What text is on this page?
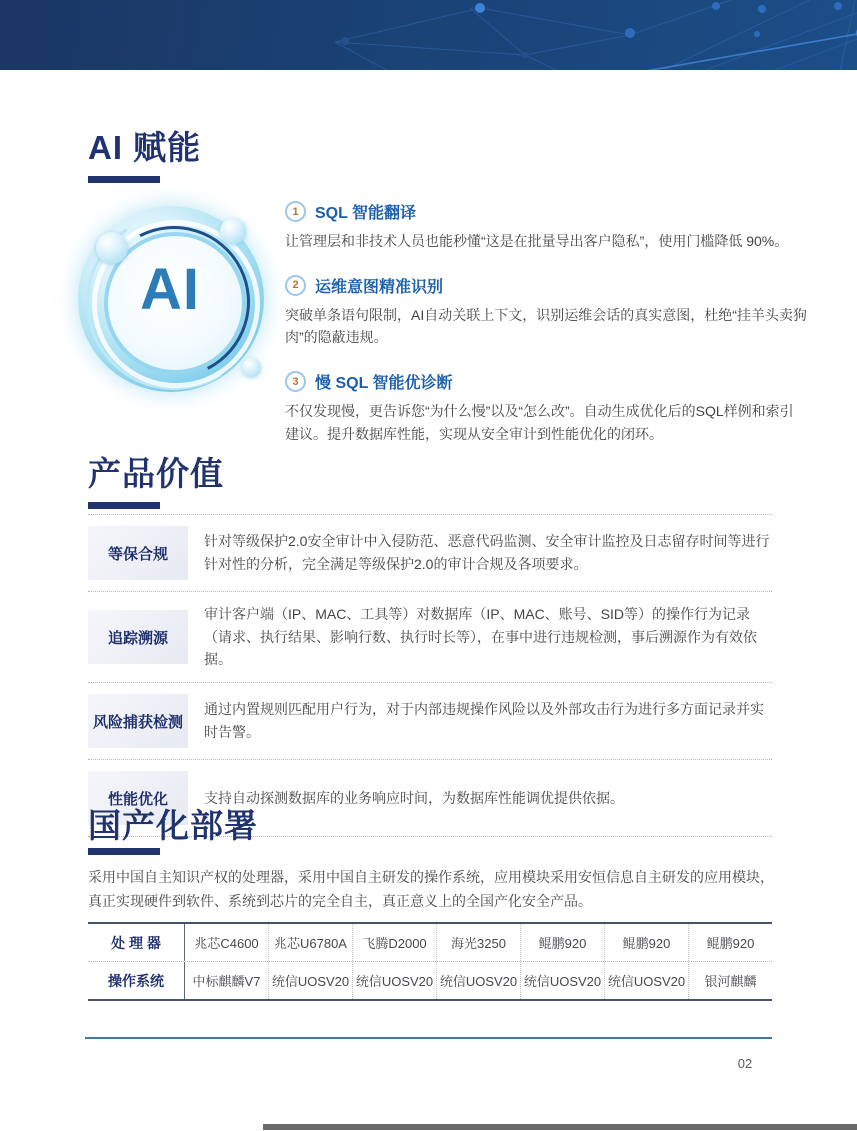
AI 赋能
AI
1	SQL 智能翻译

让管理层和非技术人员也能秒懂“这是在批量导出客户隐私”，使用门槛降低 90%。

2	运维意图精准识别

突破单条语句限制，AI自动关联上下文，识别运维会话的真实意图，杜绝“挂羊头卖狗肉”的隐蔽违规。

3	慢 SQL 智能优诊断

不仅发现慢，更告诉您“为什么慢”以及“怎么改”。自动生成优化后的SQL样例和索引建议。提升数据库性能，实现从安全审计到性能优化的闭环。

产品价值
等保合规
针对等级保护2.0安全审计中入侵防范、恶意代码监测、安全审计监控及日志留存时间等进行针对性的分析，完全满足等级保护2.0的审计合规及各项要求。
追踪溯源
审计客户端（IP、MAC、工具等）对数据库（IP、MAC、账号、SID等）的操作行为记录（请求、执行结果、影响行数、执行时长等），在事中进行违规检测，事后溯源作为有效依据。
风险捕获检测
通过内置规则匹配用户行为，对于内部违规操作风险以及外部攻击行为进行多方面记录并实时告警。
性能优化	支持自动探测数据库的业务响应时间，为数据库性能调优提供依据。
国产化部署

采用中国自主知识产权的处理器，采用中国自主研发的操作系统，应用模块采用安恒信息自主研发的应用模块，真正实现硬件到软件、系统到芯片的完全自主，真正意义上的全国产化安全产品。

处 理 器	兆芯C4600	兆芯U6780A	飞腾D2000	海光3250	鲲鹏920	鲲鹏920	鲲鹏920
操作系统	中标麒麟V7 统信UOSV20 统信UOSV20 统信UOSV20 统信UOSV20 统信UOSV20	银河麒麟
02
